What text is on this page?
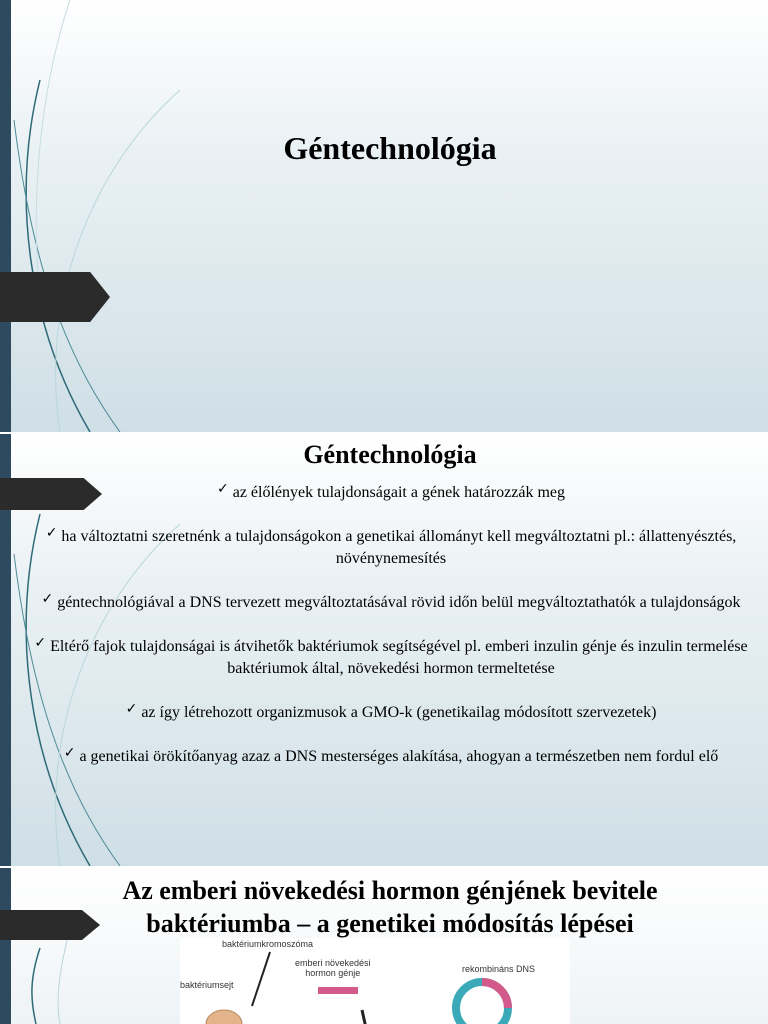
Géntechnológia
Géntechnológia
✓ az élőlények tulajdonságait a gének határozzák meg
✓ ha változtatni szeretnénk a tulajdonságokon a genetikai állományt kell megváltoztatni pl.: állattenyésztés, növénynemesítés
✓ géntechnológiával a DNS tervezett megváltoztatásával rövid időn belül megváltoztathatók a tulajdonságok
✓ Eltérő fajok tulajdonságai is átvihetők baktériumok segítségével pl. emberi inzulin génje és inzulin termelése baktériumok által, növekedési hormon termeltetése
✓ az így létrehozott organizmusok a GMO-k (genetikailag módosított szervezetek)
✓ a genetikai örökítőanyag azaz a DNS mesterséges alakítása, ahogyan a természetben nem fordul elő
Az emberi növekedési hormon génjének bevitele
baktériumba – a genetikei módosítás lépései
baktériumkromoszóma
baktériumsejt
emberi növekedési
hormon génje	rekombináns DNS
